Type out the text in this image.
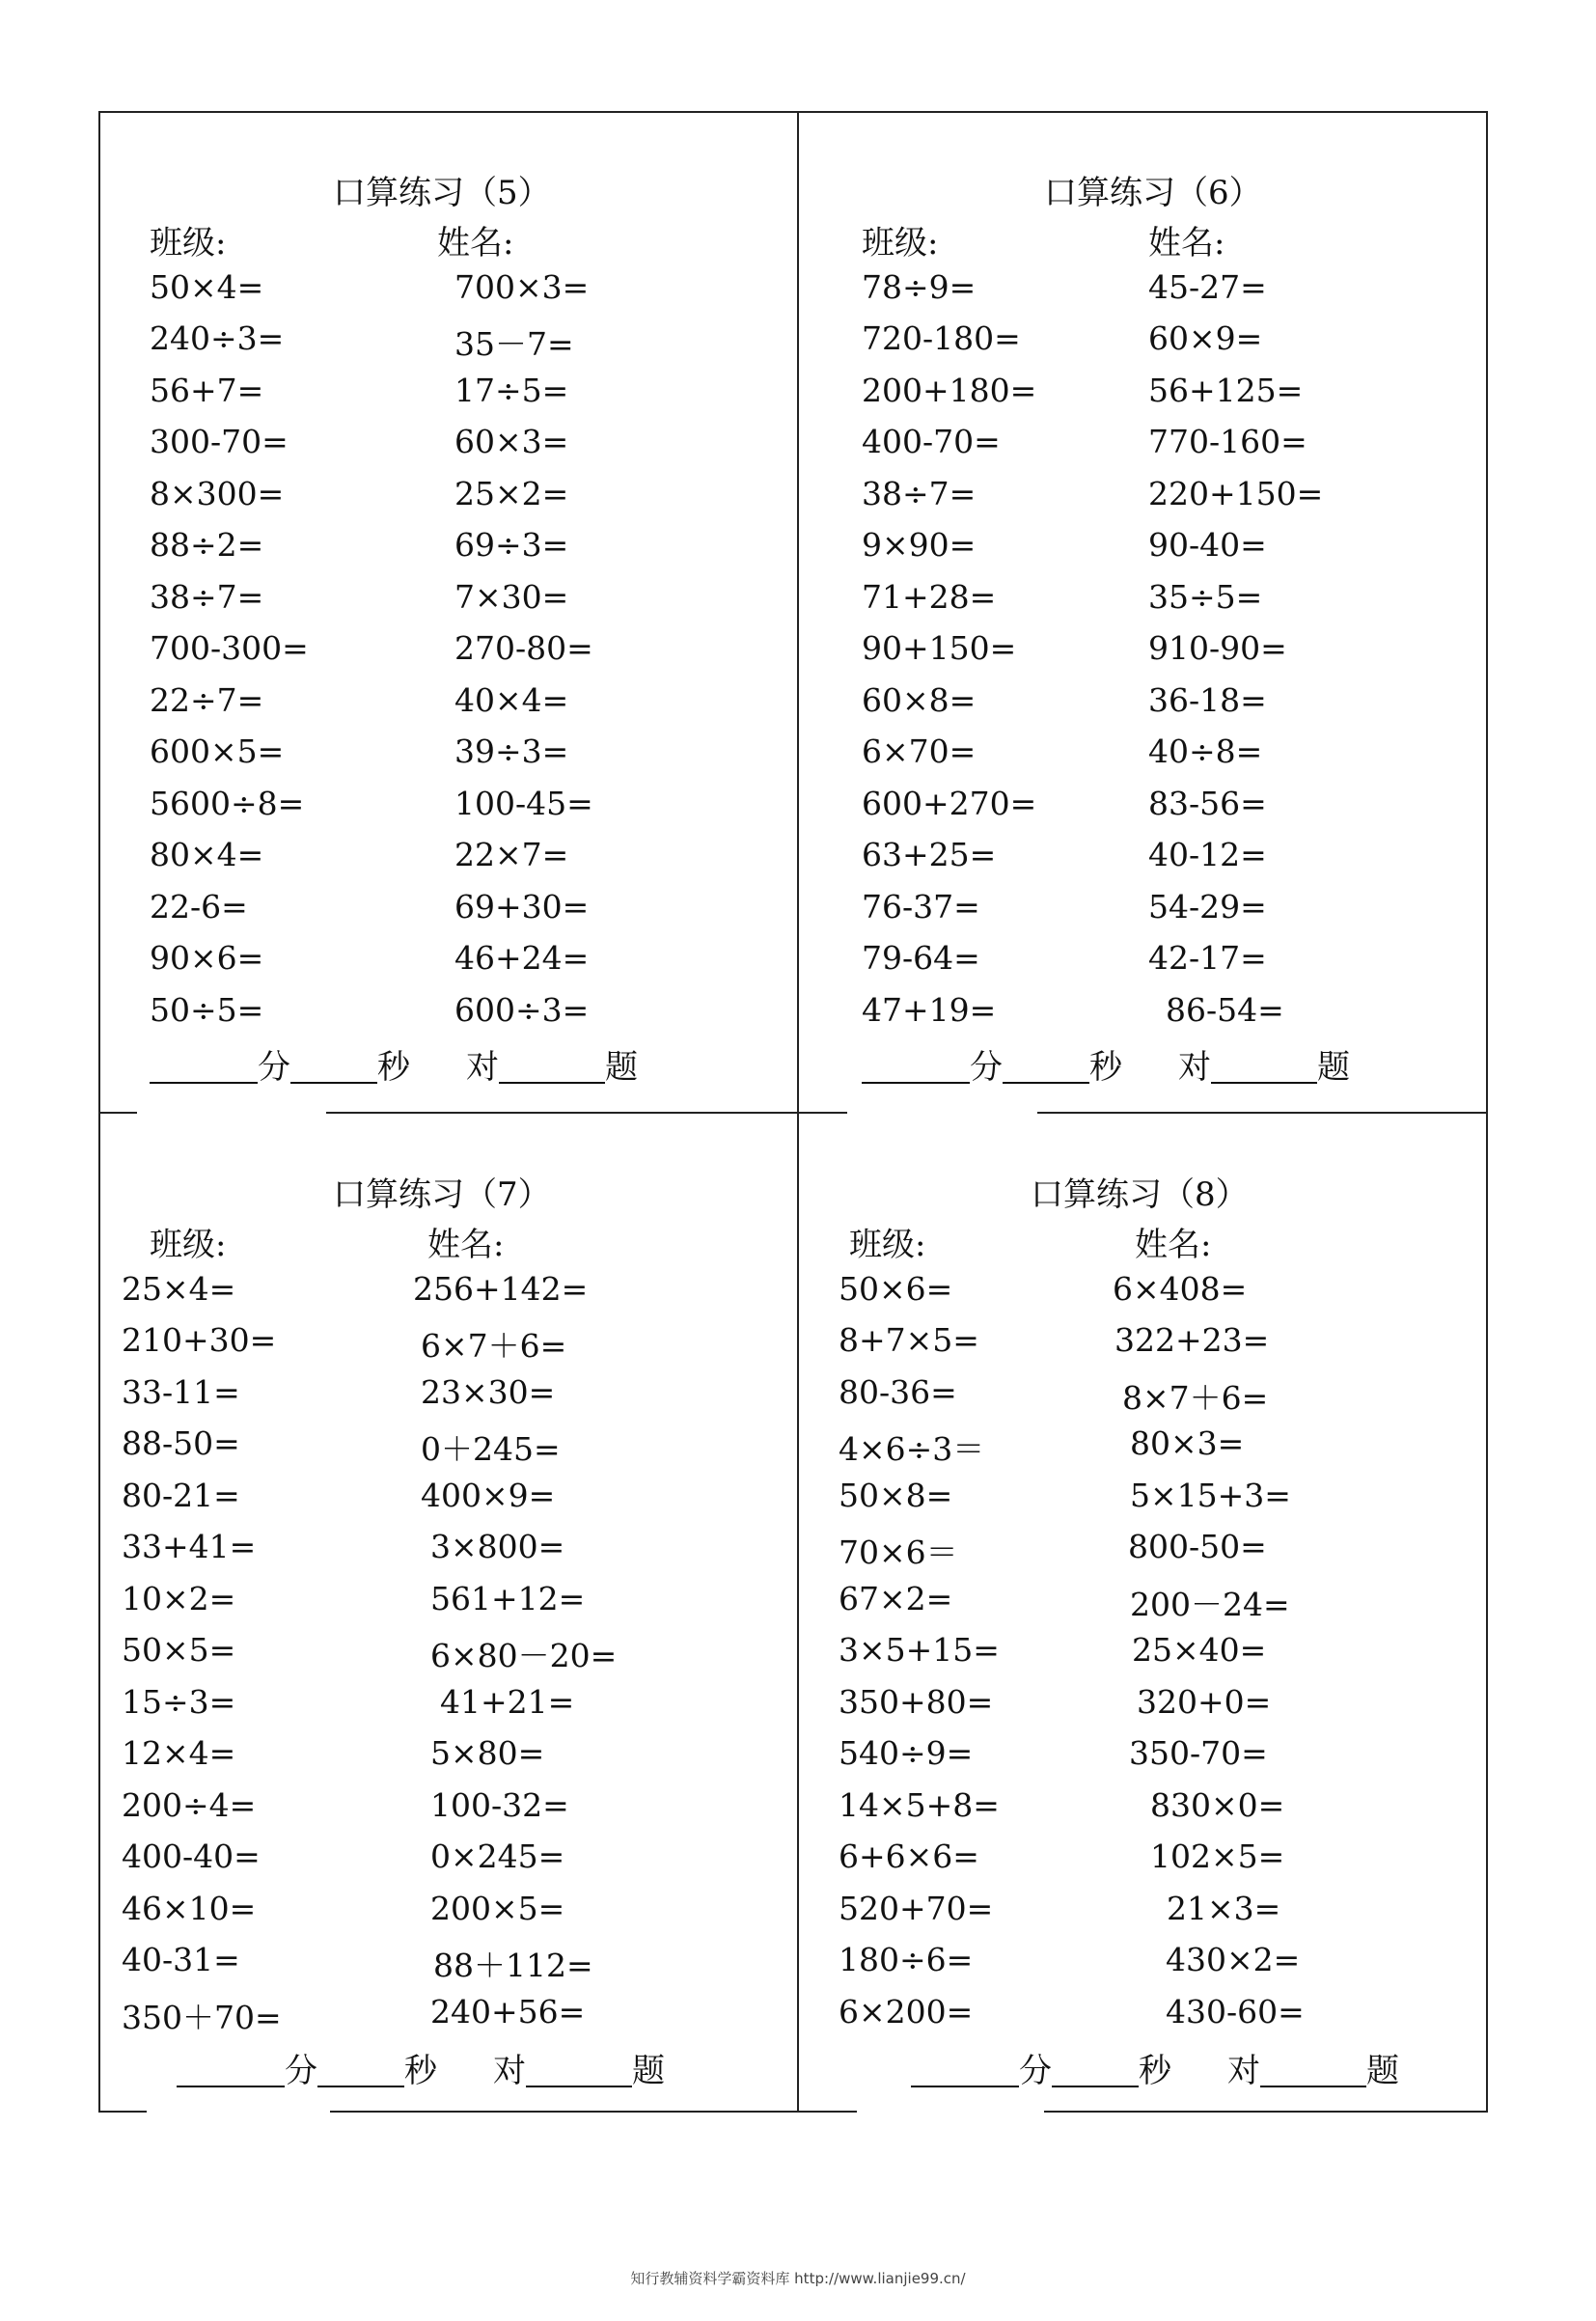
口算练习（5）
班级:	姓名:
50×4=	700×3=
240÷3=	35－7=
56+7=	17÷5=
300-70=	60×3=
8×300=	25×2=
88÷2=	69÷3=
38÷7=	7×30=
700-300=	270-80=
22÷7=	40×4=
600×5=	39÷3=
5600÷8=	100-45=
80×4=	22×7=
22-6=	69+30=
90×6=	46+24=
50÷5=	600÷3=
分	秒 对	题
口算练习（6）
班级:	姓名:
78÷9=	45-27=
720-180=	60×9=
200+180=	56+125=
400-70=	770-160=
38÷7=	220+150=
9×90=	90-40=
71+28=	35÷5=
90+150=	910-90=
60×8=	36-18=
6×70=	40÷8=
600+270=	83-56=
63+25=	40-12=
76-37=	54-29=
79-64=	42-17=
47+19=	86-54=
分	秒 对	题
口算练习（7）
班级:	姓名:
25×4=	256+142=
210+30=	6×7＋6=
33-11=	23×30=
88-50=	0＋245=
80-21=	400×9=
33+41=	3×800=
10×2=	561+12=
50×5=	6×80－20=
15÷3=	41+21=
12×4=	5×80=
200÷4=	100-32=
400-40=	0×245=
46×10=	200×5=
40-31=	88＋112=
350＋70=	240+56=
分	秒 对	题
口算练习（8）
班级:	姓名:
50×6=	6×408=
8+7×5=	322+23=
80-36=	8×7＋6=
4×6÷3＝	80×3=
50×8=	5×15+3=
70×6＝	800-50=
67×2=	200－24=
3×5+15=	25×40=
350+80=	320+0=
540÷9=	350-70=
14×5+8=	830×0=
6+6×6=	102×5=
520+70=	21×3=
180÷6=	430×2=
6×200=	430-60=
分	秒 对	题
知行教辅资料学霸资料库 http://www.lianjie99.cn/
